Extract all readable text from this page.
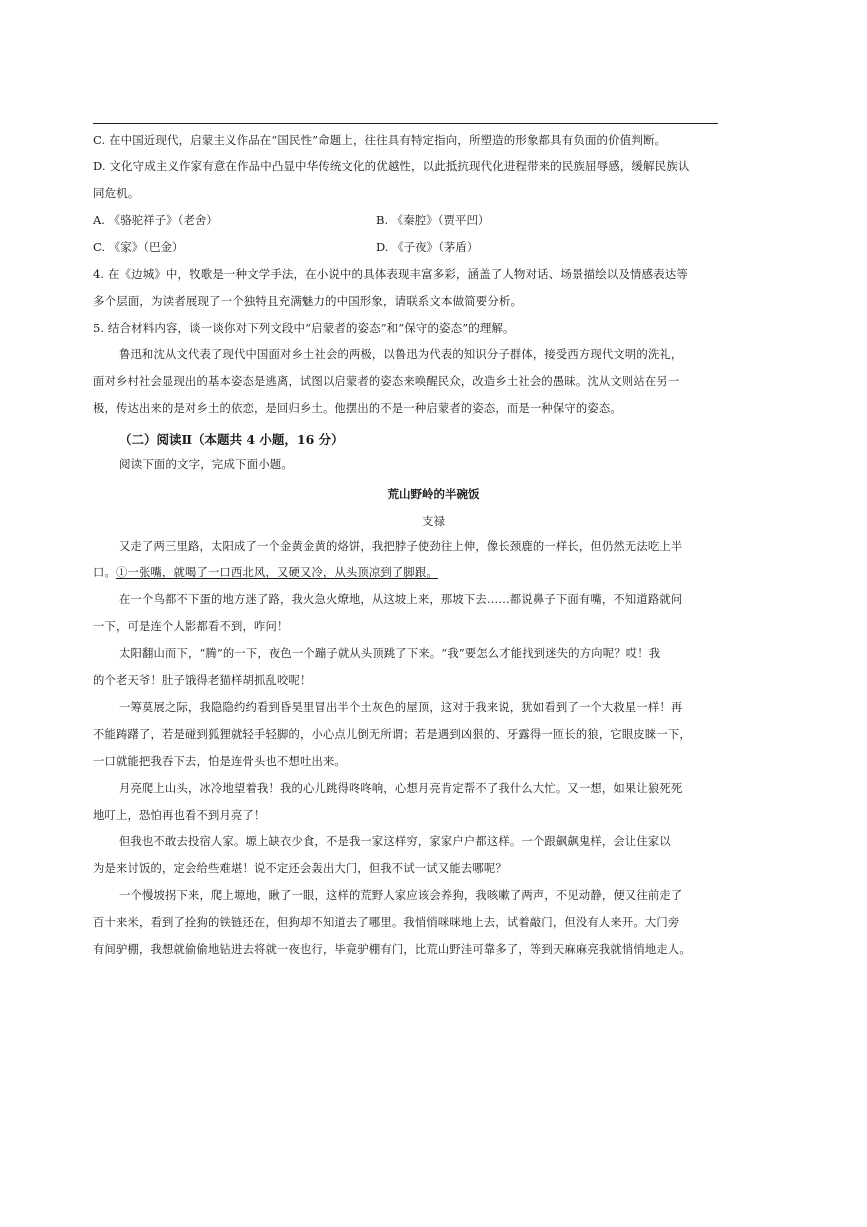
C. 在中国近现代，启蒙主义作品在“国民性”命题上，往往具有特定指向，所塑造的形象都具有负面的价值判断。
D. 文化守成主义作家有意在作品中凸显中华传统文化的优越性，以此抵抗现代化进程带来的民族屈辱感，缓解民族认
同危机。
A. 《骆驼祥子》（老舍）	B. 《秦腔》（贾平凹）
C. 《家》（巴金）	D. 《子夜》（茅盾）
4. 在《边城》中，牧歌是一种文学手法，在小说中的具体表现丰富多彩，涵盖了人物对话、场景描绘以及情感表达等
多个层面，为读者展现了一个独特且充满魅力的中国形象，请联系文本做简要分析。
5. 结合材料内容，谈一谈你对下列文段中“启蒙者的姿态”和“保守的姿态”的理解。
鲁迅和沈从文代表了现代中国面对乡土社会的两极，以鲁迅为代表的知识分子群体，接受西方现代文明的洗礼，
面对乡村社会显现出的基本姿态是逃离，试图以启蒙者的姿态来唤醒民众，改造乡土社会的愚昧。沈从文则站在另一
极，传达出来的是对乡土的依恋，是回归乡土。他摆出的不是一种启蒙者的姿态，而是一种保守的姿态。
（二）阅读Ⅱ（本题共 4 小题，16 分）
阅读下面的文字，完成下面小题。
荒山野岭的半碗饭
支禄
又走了两三里路，太阳成了一个金黄金黄的烙饼，我把脖子使劲往上伸，像长颈鹿的一样长，但仍然无法吃上半
口。①一张嘴，就喝了一口西北风，又硬又冷，从头顶凉到了脚跟。
在一个鸟都不下蛋的地方迷了路，我火急火燎地，从这坡上来，那坡下去……都说鼻子下面有嘴，不知道路就问
一下，可是连个人影都看不到，咋问！
太阳翻山而下，“腾”的一下，夜色一个蹦子就从头顶跳了下来。“我”要怎么才能找到迷失的方向呢？哎！我
的个老天爷！肚子饿得老猫样胡抓乱咬呢！
一筹莫展之际，我隐隐约约看到昏昊里冒出半个土灰色的屋顶，这对于我来说，犹如看到了一个大救星一样！再
不能踌躇了，若是碰到狐狸就轻手轻脚的，小心点儿倒无所谓；若是遇到凶狠的、牙露得一匝长的狼，它眼皮睐一下，
一口就能把我吞下去，怕是连骨头也不想吐出来。
月亮爬上山头，冰冷地望着我！我的心儿跳得咚咚响，心想月亮肯定帮不了我什么大忙。又一想，如果让狼死死
地叮上，恐怕再也看不到月亮了！
但我也不敢去投宿人家。塬上缺衣少食，不是我一家这样穷，家家户户都这样。一个跟飙飙鬼样，会让住家以
为是来讨饭的，定会给些难堪！说不定还会轰出大门，但我不试一试又能去哪呢？
一个慢坡拐下来，爬上塬地，瞅了一眼，这样的荒野人家应该会养狗，我咳嗽了两声，不见动静，便又往前走了
百十来米，看到了拴狗的铁链还在，但狗却不知道去了哪里。我悄悄咪咪地上去，试着敲门，但没有人来开。大门旁
有间驴棚，我想就偷偷地钻进去将就一夜也行，毕竟驴棚有门，比荒山野洼可靠多了，等到天麻麻亮我就悄悄地走人。
